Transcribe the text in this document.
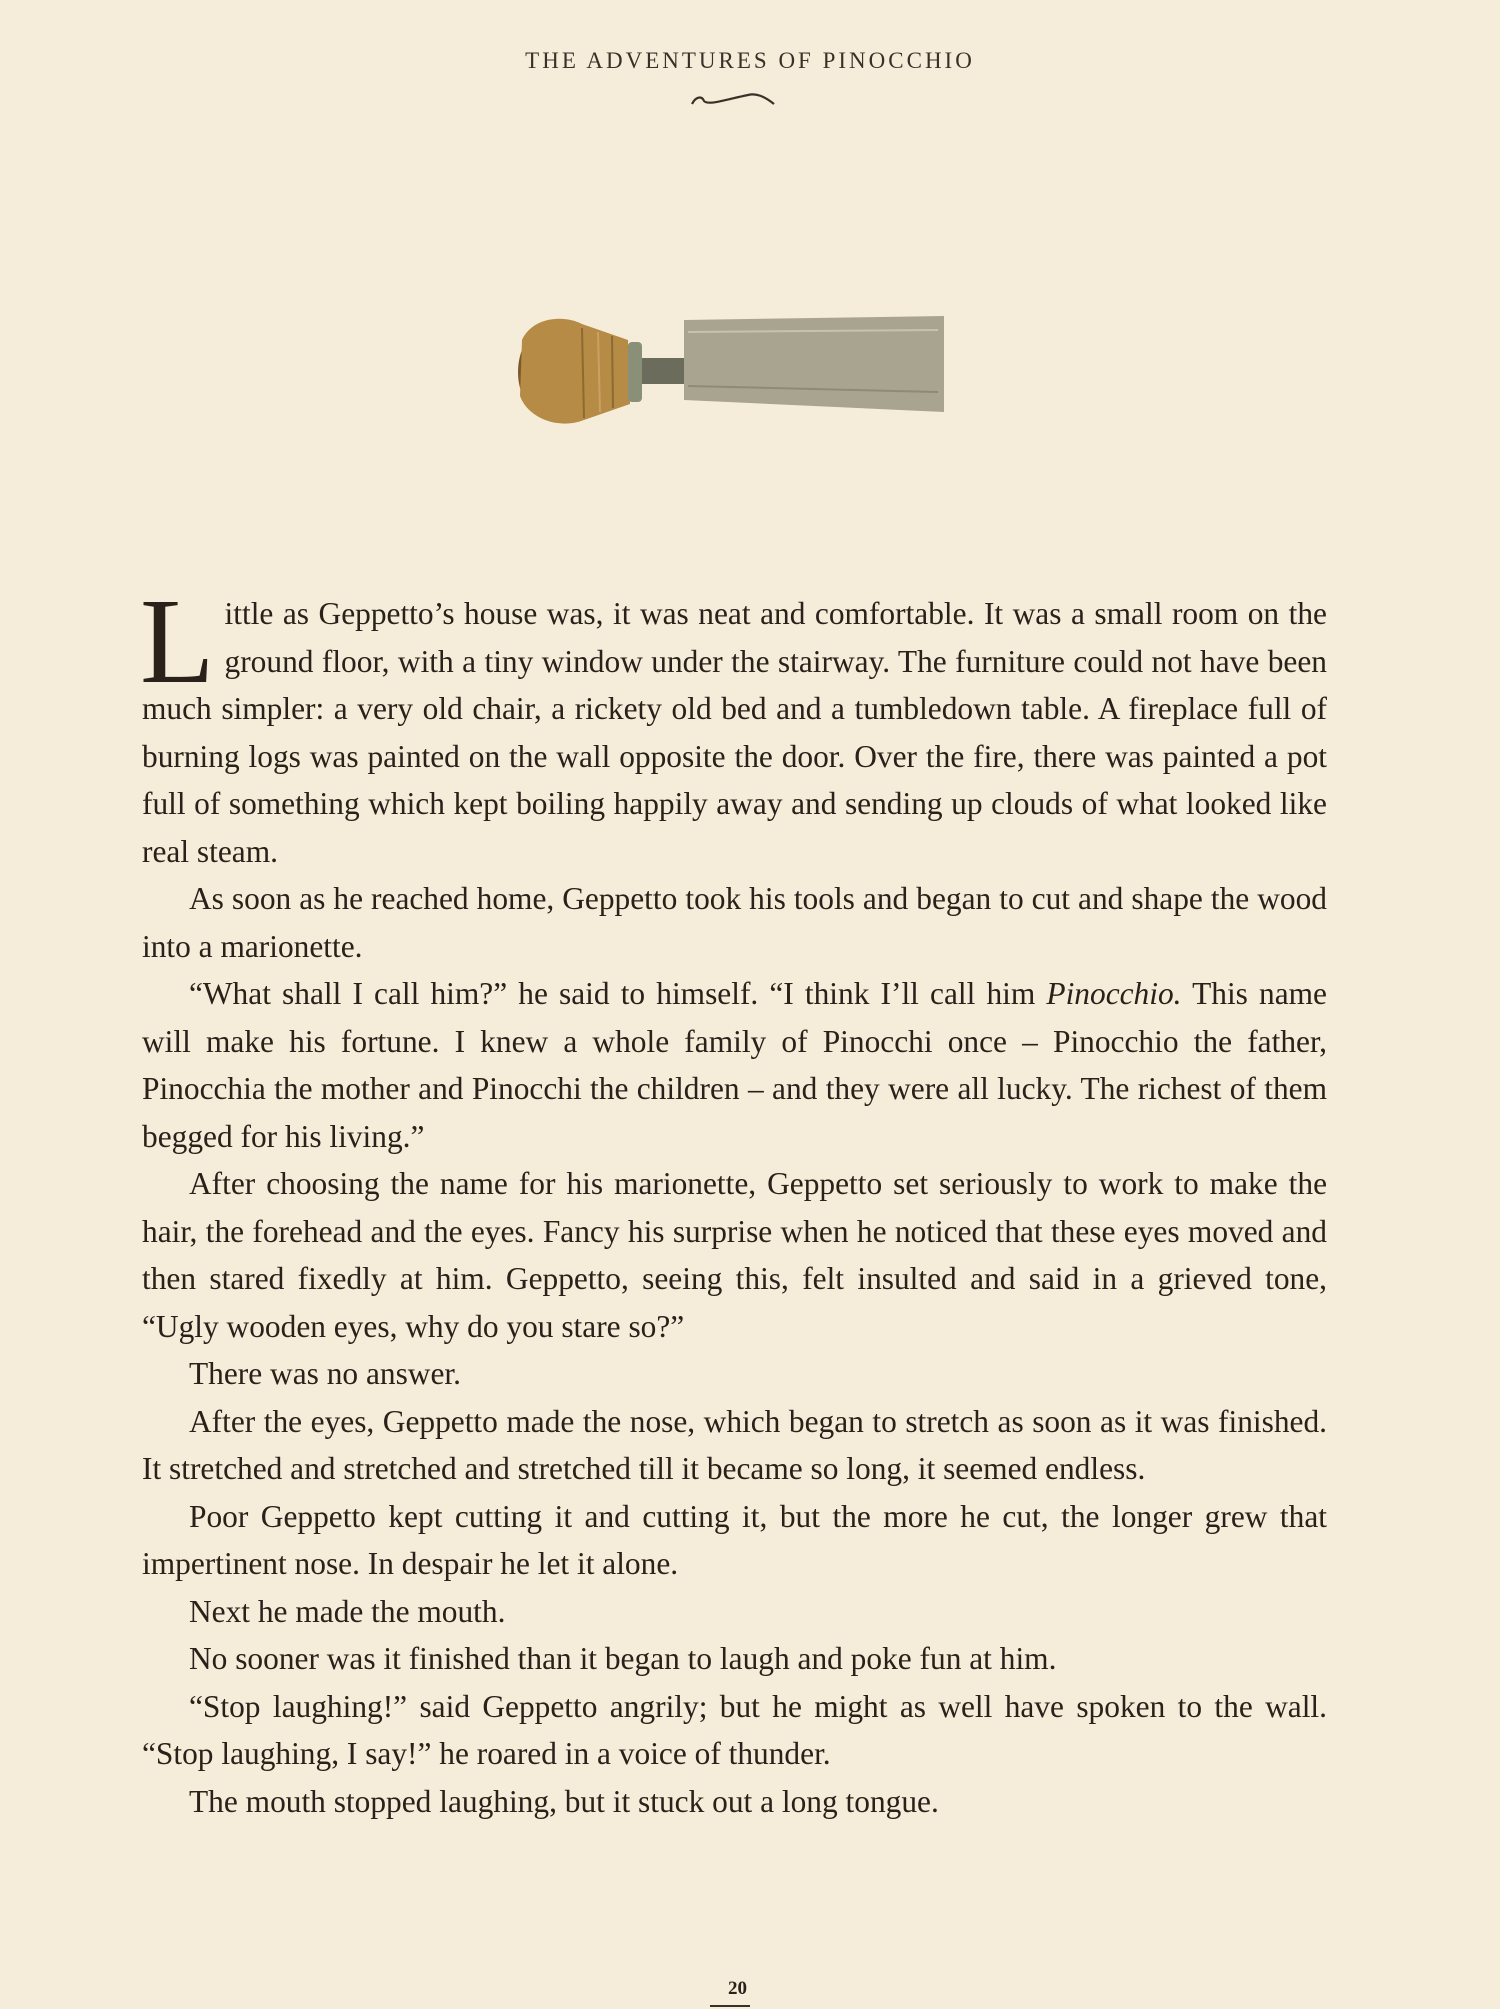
THE ADVENTURES OF PINOCCHIO

Little as Geppetto’s house was, it was neat and comfortable. It was a small room on the ground floor, with a tiny window under the stairway. The furniture could not have been much simpler: a very old chair, a rickety old bed and a tumbledown table. A fireplace full of burning logs was painted on the wall opposite the door. Over the fire, there was painted a pot full of something which kept boiling happily away and sending up clouds of what looked like real steam.

As soon as he reached home, Geppetto took his tools and began to cut and shape the wood into a marionette.

“What shall I call him?” he said to himself. “I think I’ll call him Pinocchio. This name will make his fortune. I knew a whole family of Pinocchi once – Pinocchio the father, Pinocchia the mother and Pinocchi the children – and they were all lucky. The richest of them begged for his living.”

After choosing the name for his marionette, Geppetto set seriously to work to make the hair, the forehead and the eyes. Fancy his surprise when he noticed that these eyes moved and then stared fixedly at him. Geppetto, seeing this, felt insulted and said in a grieved tone, “Ugly wooden eyes, why do you stare so?”

There was no answer.

After the eyes, Geppetto made the nose, which began to stretch as soon as it was finished. It stretched and stretched and stretched till it became so long, it seemed endless.

Poor Geppetto kept cutting it and cutting it, but the more he cut, the longer grew that impertinent nose. In despair he let it alone.

Next he made the mouth.

No sooner was it finished than it began to laugh and poke fun at him.

“Stop laughing!” said Geppetto angrily; but he might as well have spoken to the wall. “Stop laughing, I say!” he roared in a voice of thunder.

The mouth stopped laughing, but it stuck out a long tongue.

20
